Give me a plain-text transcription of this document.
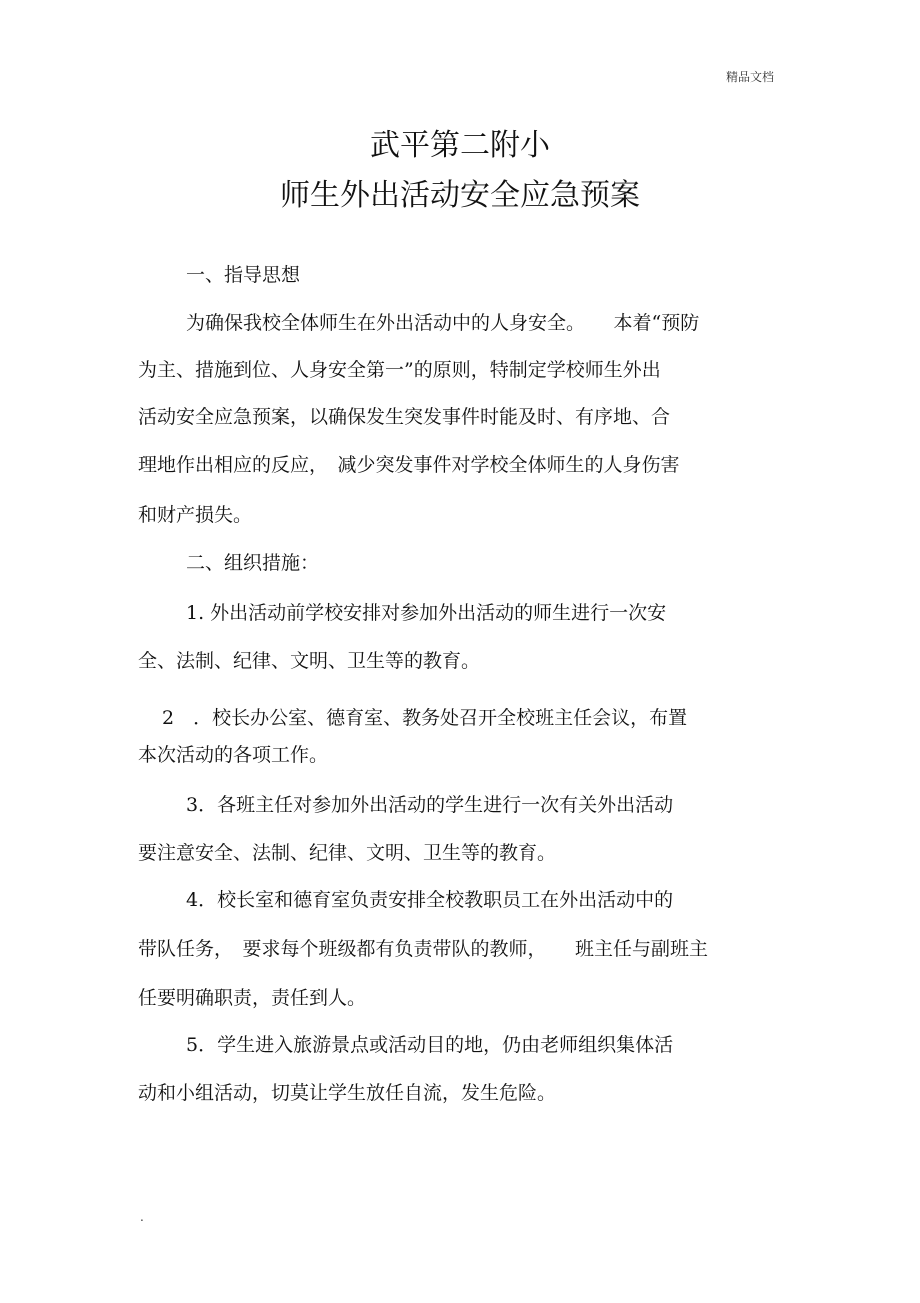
精品文档
武平第二附小
师生外出活动安全应急预案
一、指导思想
为确保我校全体师生在外出活动中的人身安全。　　本着“预防
为主、措施到位、人身安全第一”的原则，特制定学校师生外出
活动安全应急预案，以确保发生突发事件时能及时、有序地、合
理地作出相应的反应，　减少突发事件对学校全体师生的人身伤害
和财产损失。
二、组织措施：
1. 外出活动前学校安排对参加外出活动的师生进行一次安
全、法制、纪律、文明、卫生等的教育。
2　．校长办公室、德育室、教务处召开全校班主任会议，布置
本次活动的各项工作。
3．各班主任对参加外出活动的学生进行一次有关外出活动
要注意安全、法制、纪律、文明、卫生等的教育。
4．校长室和德育室负责安排全校教职员工在外出活动中的
带队任务，　要求每个班级都有负责带队的教师，　　班主任与副班主
任要明确职责，责任到人。
5．学生进入旅游景点或活动目的地，仍由老师组织集体活
动和小组活动，切莫让学生放任自流，发生危险。
.
